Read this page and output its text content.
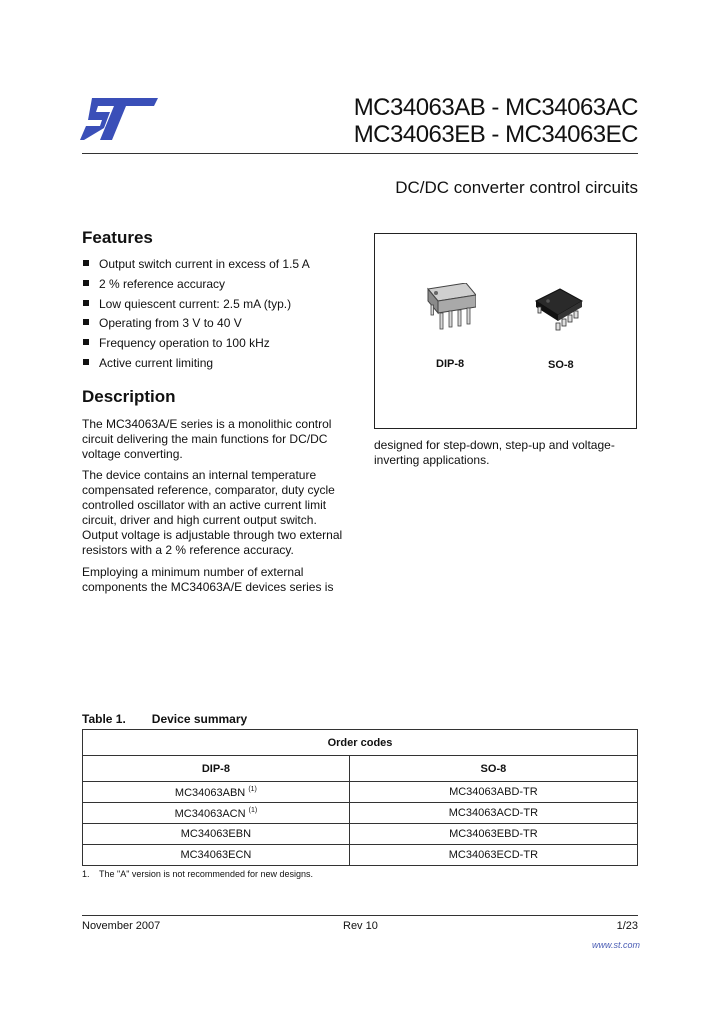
MC34063AB - MC34063AC
MC34063EB - MC34063EC
DC/DC converter control circuits
Features
Output switch current in excess of 1.5 A
2 % reference accuracy
Low quiescent current: 2.5 mA (typ.)
Operating from 3 V to 40 V
Frequency operation to 100 kHz
Active current limiting
Description
The MC34063A/E series is a monolithic control circuit delivering the main functions for DC/DC voltage converting.
The device contains an internal temperature compensated reference, comparator, duty cycle controlled oscillator with an active current limit circuit, driver and high current output switch. Output voltage is adjustable through two external resistors with a 2 % reference accuracy.
Employing a minimum number of external components the MC34063A/E devices series is
designed for step-down, step-up and voltage-inverting applications.
DIP-8	SO-8
Table 1. Device summary
Order codes	
DIP-8	SO-8
MC34063ABN $^{(1)}$	MC34063ABD-TR
MC34063ACN $^{(1)}$	MC34063ACD-TR
MC34063EBN	MC34063EBD-TR
MC34063ECN	MC34063ECD-TR
1. The "A" version is not recommended for new designs.
November 2007	Rev 10	1/23
www.st.com
